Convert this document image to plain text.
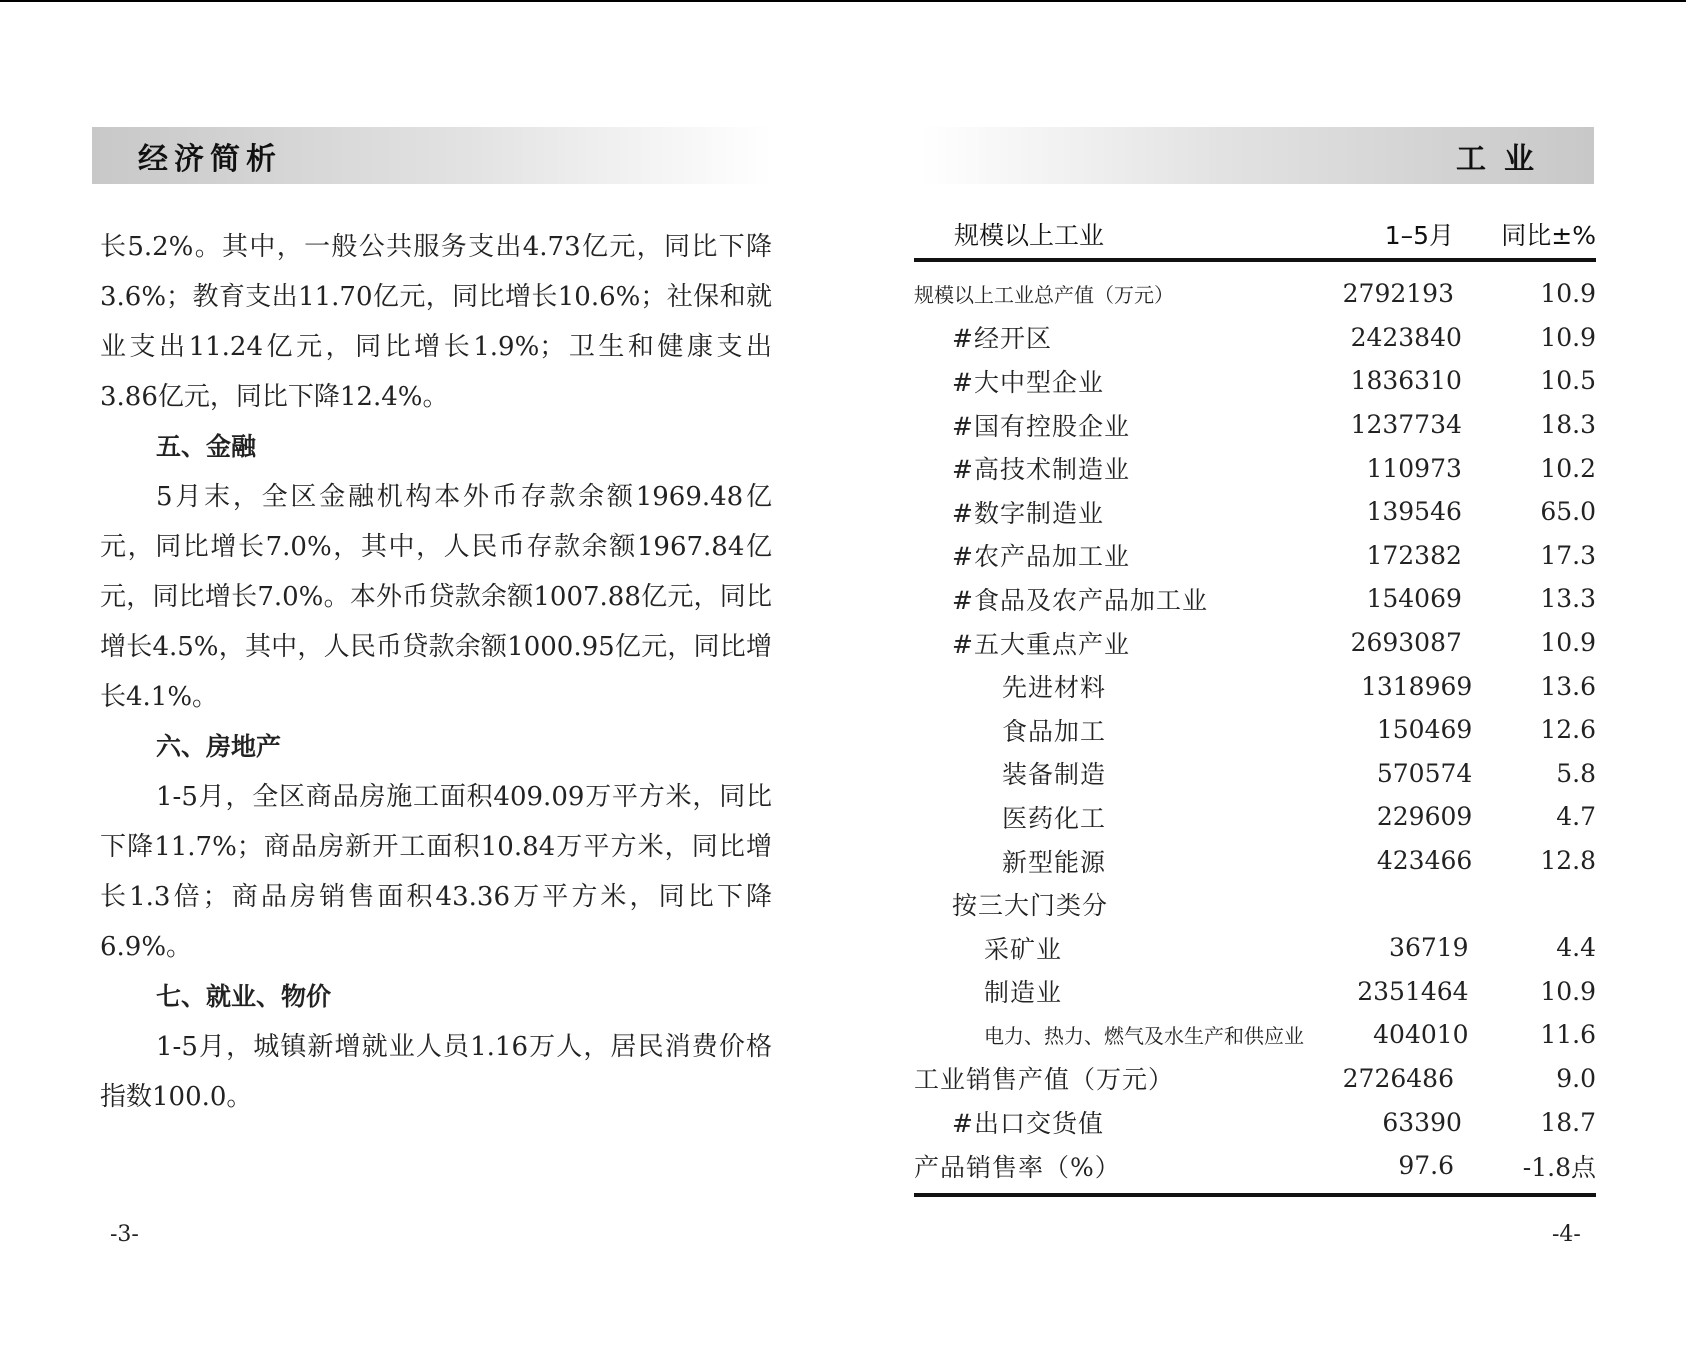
经济简析
长5.2%。其中，一般公共服务支出4.73亿元，同比下降
3.6%；教育支出11.70亿元，同比增长10.6%；社保和就
业支出11.24亿元，同比增长1.9%；卫生和健康支出
3.86亿元，同比下降12.4%。

五、金融

5月末，全区金融机构本外币存款余额1969.48亿
元，同比增长7.0%，其中，人民币存款余额1967.84亿
元，同比增长7.0%。本外币贷款余额1007.88亿元，同比
增长4.5%，其中，人民币贷款余额1000.95亿元，同比增
长4.1%。

六、房地产

1-5月，全区商品房施工面积409.09万平方米，同比
下降11.7%；商品房新开工面积10.84万平方米，同比增
长1.3倍；商品房销售面积43.36万平方米，同比下降
6.9%。

七、就业、物价

1-5月，城镇新增就业人员1.16万人，居民消费价格
指数100.0。
-3-
工业
规模以上工业	1–5月	同比±%
规模以上工业总产值（万元）	2792193	10.9
#经开区	2423840	10.9
#大中型企业	1836310	10.5
#国有控股企业	1237734	18.3
#高技术制造业	110973	10.2
#数字制造业	139546	65.0
#农产品加工业	172382	17.3
#食品及农产品加工业	154069	13.3
#五大重点产业	2693087	10.9
先进材料	1318969	13.6
食品加工	150469	12.6
装备制造	570574	5.8
医药化工	229609	4.7
新型能源	423466	12.8
按三大门类分
采矿业	36719	4.4
制造业	2351464	10.9
电力、热力、燃气及水生产和供应业	404010	11.6
工业销售产值（万元）	2726486	9.0
#出口交货值	63390	18.7
产品销售率（%）	97.6	-1.8点
-4-
